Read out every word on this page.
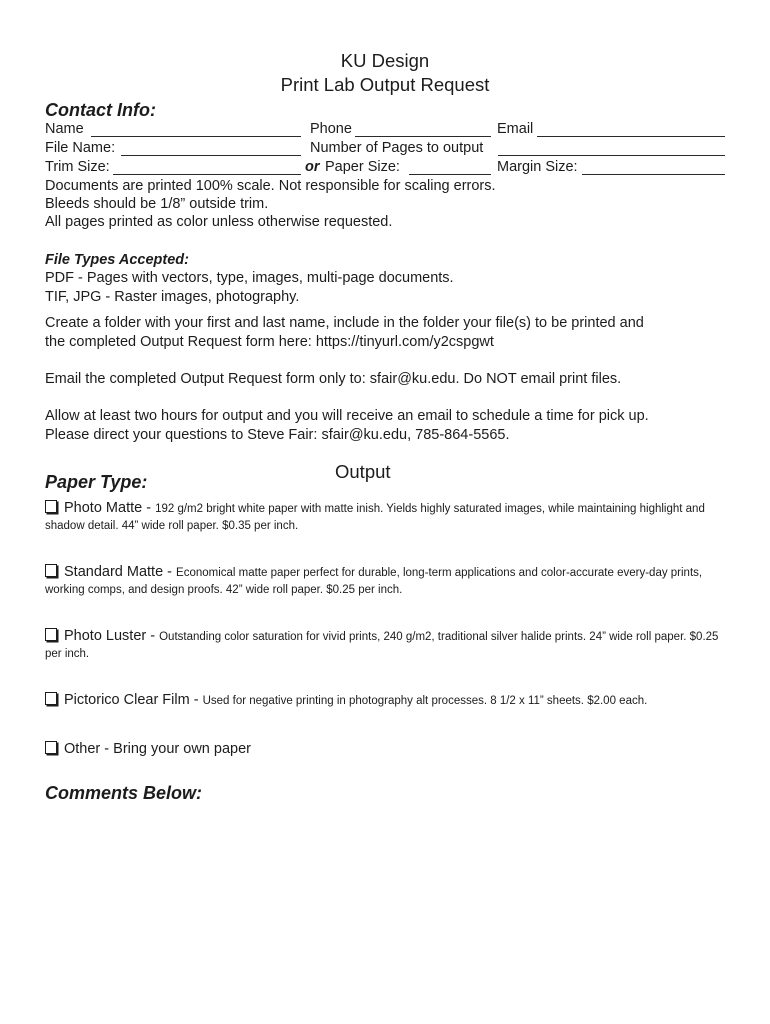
KU Design
Print Lab Output Request
Contact Info:
Name	Phone	Email
File Name:	Number of Pages to output
Trim Size:	or Paper Size:	Margin Size:
Documents are printed 100% scale. Not responsible for scaling errors.
Bleeds should be 1/8” outside trim.
All pages printed as color unless otherwise requested.
File Types Accepted:
PDF - Pages with vectors, type, images, multi-page documents.
TIF, JPG - Raster images, photography.
Create a folder with your first and last name, include in the folder your file(s) to be printed and
the completed Output Request form here: https://tinyurl.com/y2cspgwt
Email the completed Output Request form only to: sfair@ku.edu. Do NOT email print files.
Allow at least two hours for output and you will receive an email to schedule a time for pick up.
Please direct your questions to Steve Fair: sfair@ku.edu, 785-864-5565.
Output
Paper Type:
Photo Matte - 192 g/m2 bright white paper with matte inish. Yields highly saturated images, while maintaining highlight and shadow detail. 44” wide roll paper. $0.35 per inch.
Standard Matte - Economical matte paper perfect for durable, long-term applications and color-accurate every-day prints, working comps, and design proofs. 42” wide roll paper. $0.25 per inch.
Photo Luster - Outstanding color saturation for vivid prints, 240 g/m2, traditional silver halide prints. 24” wide roll paper. $0.25 per inch.
Pictorico Clear Film - Used for negative printing in photography alt processes. 8 1/2 x 11” sheets. $2.00 each.
Other - Bring your own paper
Comments Below:
